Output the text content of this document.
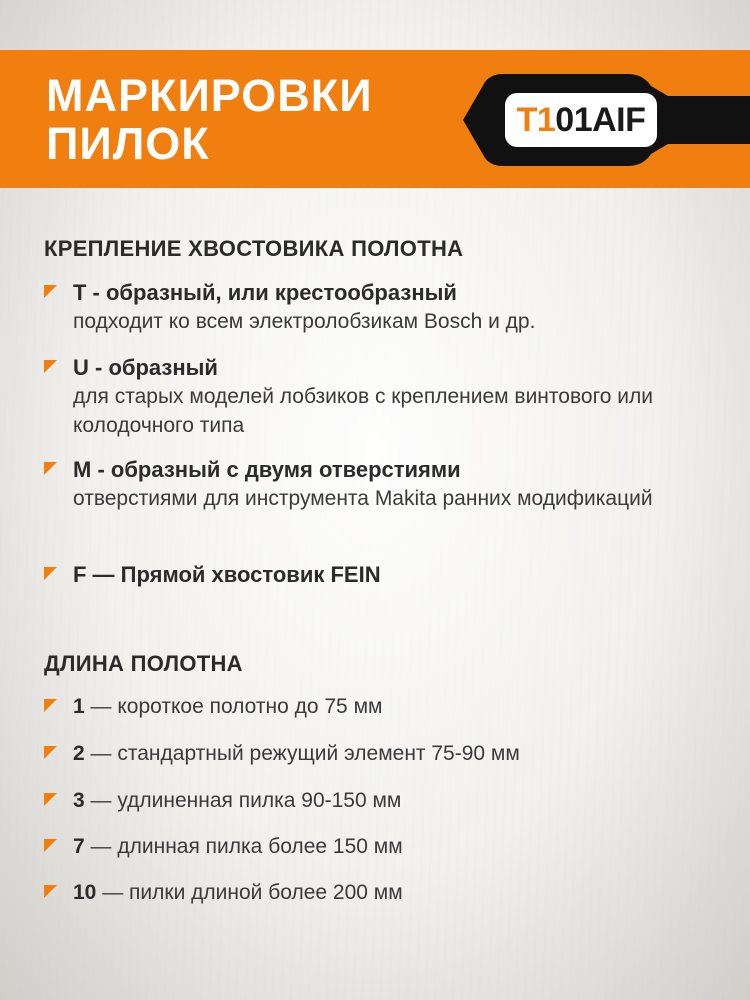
МАРКИРОВКИ
ПИЛОК	T1 01AIF
КРЕПЛЕНИЕ ХВОСТОВИКА ПОЛОТНА
T - образный, или крестообразный
подходит ко всем электролобзикам Bosch и др.
U - образный
для старых моделей лобзиков с креплением винтового или колодочного типа
M - образный с двумя отверстиями
отверстиями для инструмента Makita ранних модификаций
F — Прямой хвостовик FEIN
ДЛИНА ПОЛОТНА
1 — короткое полотно до 75 мм
2 — стандартный режущий элемент 75-90 мм
3 — удлиненная пилка 90-150 мм
7 — длинная пилка более 150 мм
10 — пилки длиной более 200 мм
